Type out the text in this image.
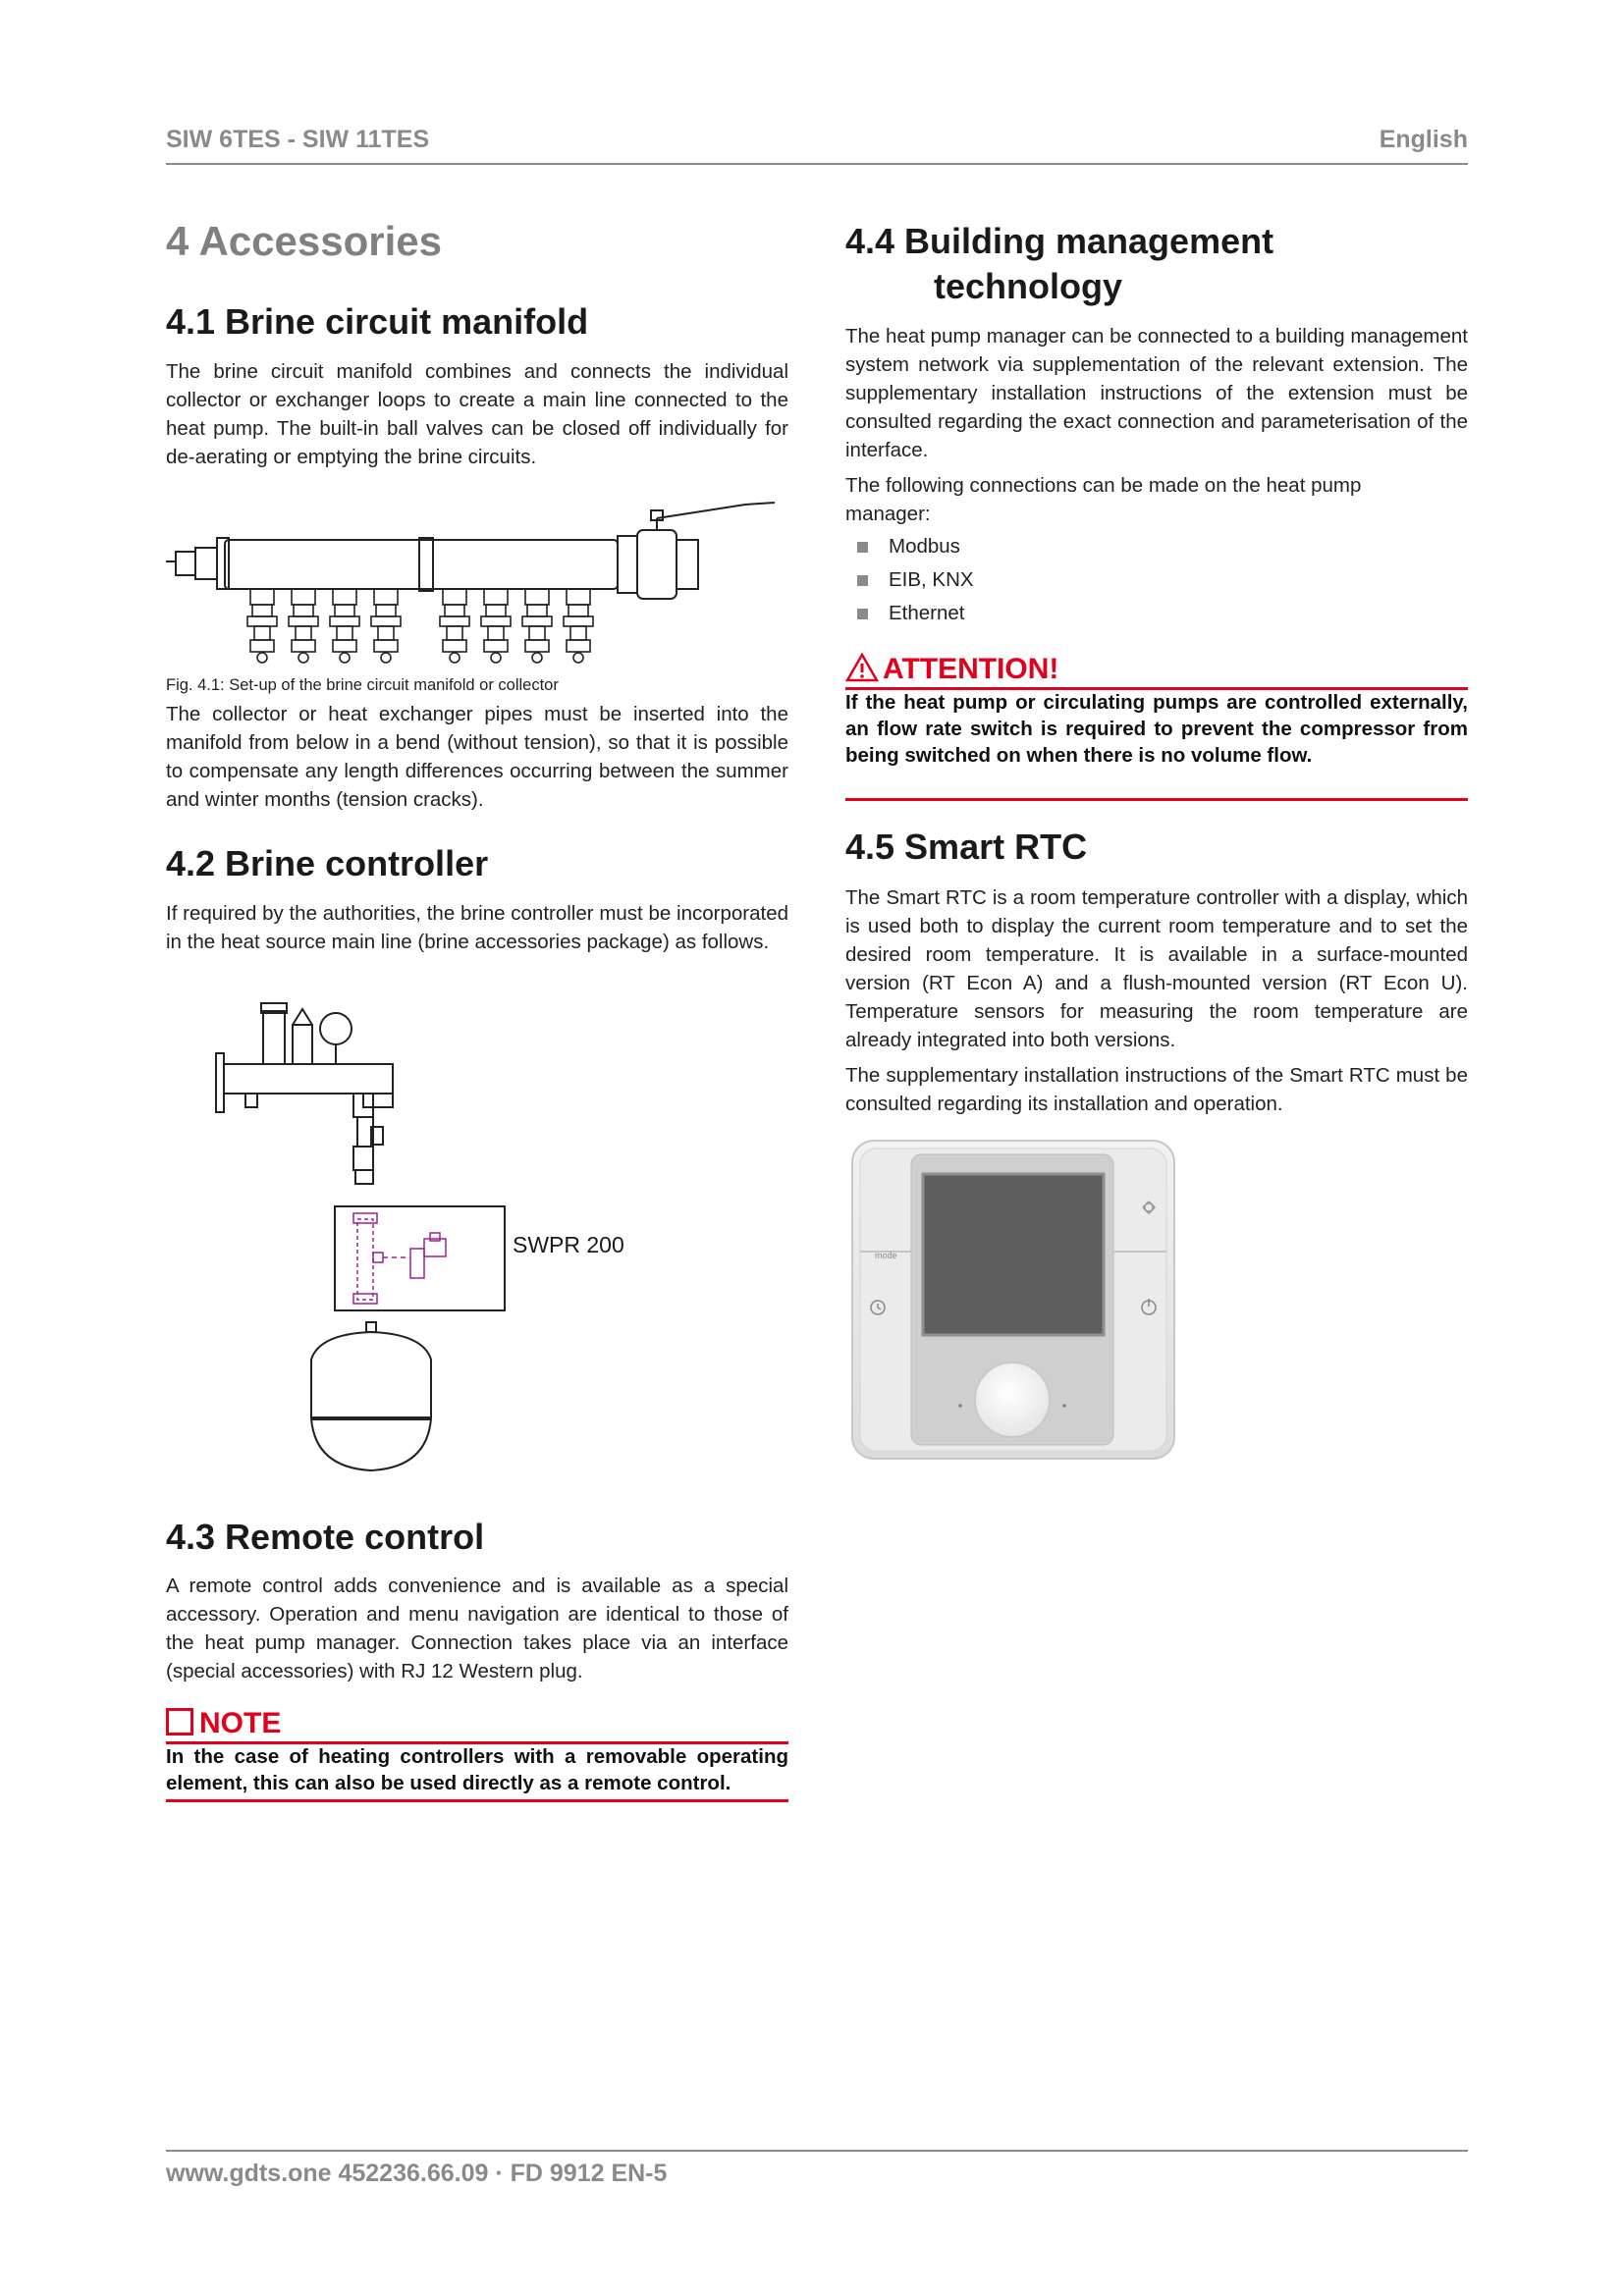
SIW 6TES - SIW 11TES	English
4 Accessories
4.1 Brine circuit manifold

The brine circuit manifold combines and connects the individual collector or exchanger loops to create a main line connected to the heat pump. The built-in ball valves can be closed off individually for de-aerating or emptying the brine circuits.

Fig. 4.1: Set-up of the brine circuit manifold or collector

The collector or heat exchanger pipes must be inserted into the manifold from below in a bend (without tension), so that it is possible to compensate any length differences occurring between the summer and winter months (tension cracks).

4.2 Brine controller

If required by the authorities, the brine controller must be incorporated in the heat source main line (brine accessories package) as follows.

SWPR 200
4.3 Remote control

A remote control adds convenience and is available as a special accessory. Operation and menu navigation are identical to those of the heat pump manager. Connection takes place via an interface (special accessories) with RJ 12 Western plug.

NOTE
In the case of heating controllers with a removable operating element, this can also be used directly as a remote control.
4.4 Building management
technology

The heat pump manager can be connected to a building management system network via supplementation of the relevant extension. The supplementary installation instructions of the extension must be consulted regarding the exact connection and parameterisation of the interface.

The following connections can be made on the heat pump manager:

Modbus
EIB, KNX
Ethernet
ATTENTION!
If the heat pump or circulating pumps are controlled externally, an flow rate switch is required to prevent the compressor from being switched on when there is no volume flow.
4.5 Smart RTC

The Smart RTC is a room temperature controller with a display, which is used both to display the current room temperature and to set the desired room temperature. It is available in a surface-mounted version (RT Econ A) and a flush-mounted version (RT Econ U). Temperature sensors for measuring the room temperature are already integrated into both versions.

The supplementary installation instructions of the Smart RTC must be consulted regarding its installation and operation.

mode
www.gdts.one 452236.66.09 · FD 9912 EN-5
